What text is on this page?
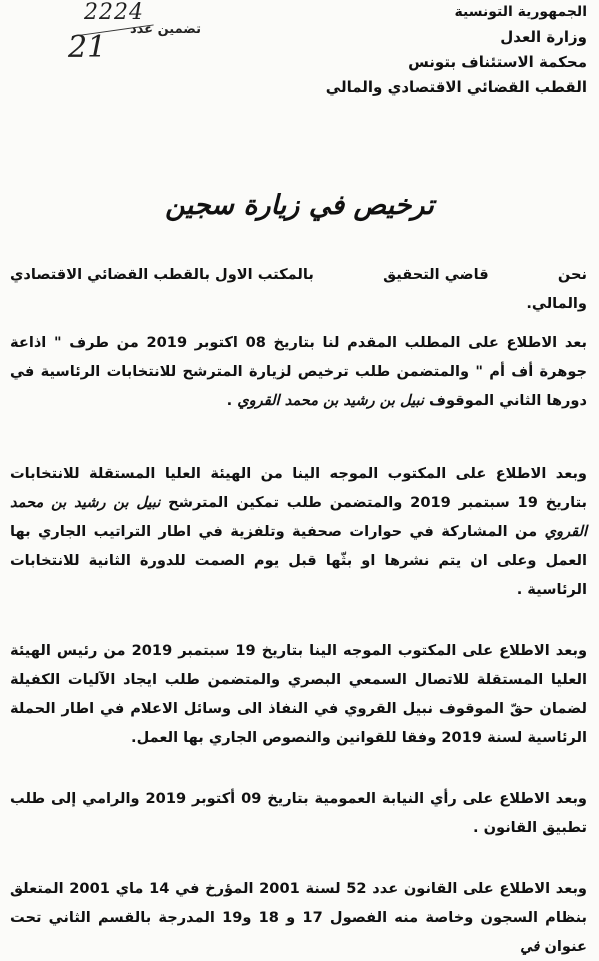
2224
21
تضمين عدد
الجمهورية التونسية
وزارة العدل
محكمة الاستئناف بتونس
القطب القضائي الاقتصادي والمالي
ترخيص في زيارة سجين
نحن
قاضي التحقيق
بالمكتب الاول بالقطب القضائي الاقتصادي

والمالي.

بعد الاطلاع على المطلب المقدم لنا بتاريخ 08 اكتوبر 2019 من طرف " اذاعة جوهرة أف أم " والمتضمن طلب ترخيص لزيارة المترشح للانتخابات الرئاسية في دورها الثاني الموقوف نبيل بن رشيد بن محمد القروي .

وبعد الاطلاع على المكتوب الموجه الينا من الهيئة العليا المستقلة للانتخابات بتاريخ 19 سبتمبر 2019 والمتضمن طلب تمكين المترشح نبيل بن رشيد بن محمد القروي من المشاركة في حوارات صحفية وتلفزية في اطار التراتيب الجاري بها العمل وعلى ان يتم نشرها او بثّها قبل يوم الصمت للدورة الثانية للانتخابات الرئاسية .

وبعد الاطلاع على المكتوب الموجه الينا بتاريخ 19 سبتمبر 2019 من رئيس الهيئة العليا المستقلة للاتصال السمعي البصري والمتضمن طلب ايجاد الآليات الكفيلة لضمان حقّ الموقوف نبيل القروي في النفاذ الى وسائل الاعلام في اطار الحملة الرئاسية لسنة 2019 وفقا للقوانين والنصوص الجاري بها العمل.

وبعد الاطلاع على رأي النيابة العمومية بتاريخ 09 أكتوبر 2019 والرامي إلى طلب تطبيق القانون .

وبعد الاطلاع على القانون عدد 52 لسنة 2001 المؤرخ في 14 ماي 2001 المتعلق بنظام السجون وخاصة منه الفصول 17 و 18 و19 المدرجة بالقسم الثاني تحت عنوان في
